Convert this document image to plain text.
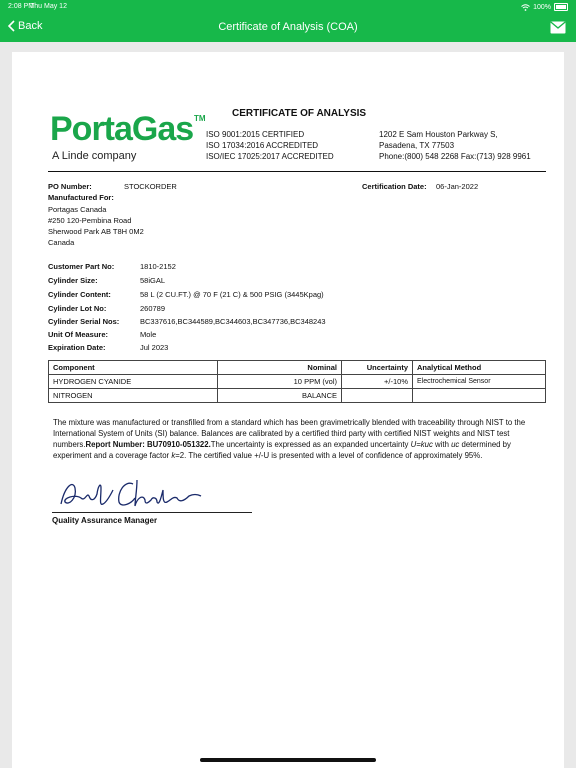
2:08 PM
Thu May 12	100%
Back	Certificate of Analysis (COA)
CERTIFICATE OF ANALYSIS
PortaGas TM
A Linde company
ISO 9001:2015 CERTIFIED
ISO 17034:2016 ACCREDITED
ISO/IEC 17025:2017 ACCREDITED
1202 E Sam Houston Parkway S,
Pasadena, TX 77503
Phone:(800) 548 2268 Fax:(713) 928 9961
PO Number:	STOCKORDER	Certification Date: 06-Jan-2022
Manufactured For:
Portagas Canada
#250 120-Pembina Road
Sherwood Park AB T8H 0M2
Canada
Customer Part No:	1810-2152
Cylinder Size:	58iGAL
Cylinder Content:	58 L (2 CU.FT.) @ 70 F (21 C) & 500 PSIG (3445Kpag)
Cylinder Lot No:	260789
Cylinder Serial Nos:	BC337616,BC344589,BC344603,BC347736,BC348243
Unit Of Measure:	Mole
Expiration Date:	Jul 2023
Component	Nominal	Uncertainty	Analytical Method
HYDROGEN CYANIDE	10 PPM (vol)	+/-10%	Electrochemical Sensor
NITROGEN	BALANCE		
The mixture was manufactured or transfilled from a standard which has been gravimetrically blended with traceability through NIST to the International System of Units (SI) balance. Balances are calibrated by a certified third party with certified NIST weights and NIST test numbers.Report Number: BU70910-051322.The uncertainty is expressed as an expanded uncertainty U=kuc with uc determined by experiment and a coverage factor k=2. The certified value +/-U is presented with a level of confidence of approximately 95%.
Quality Assurance Manager
